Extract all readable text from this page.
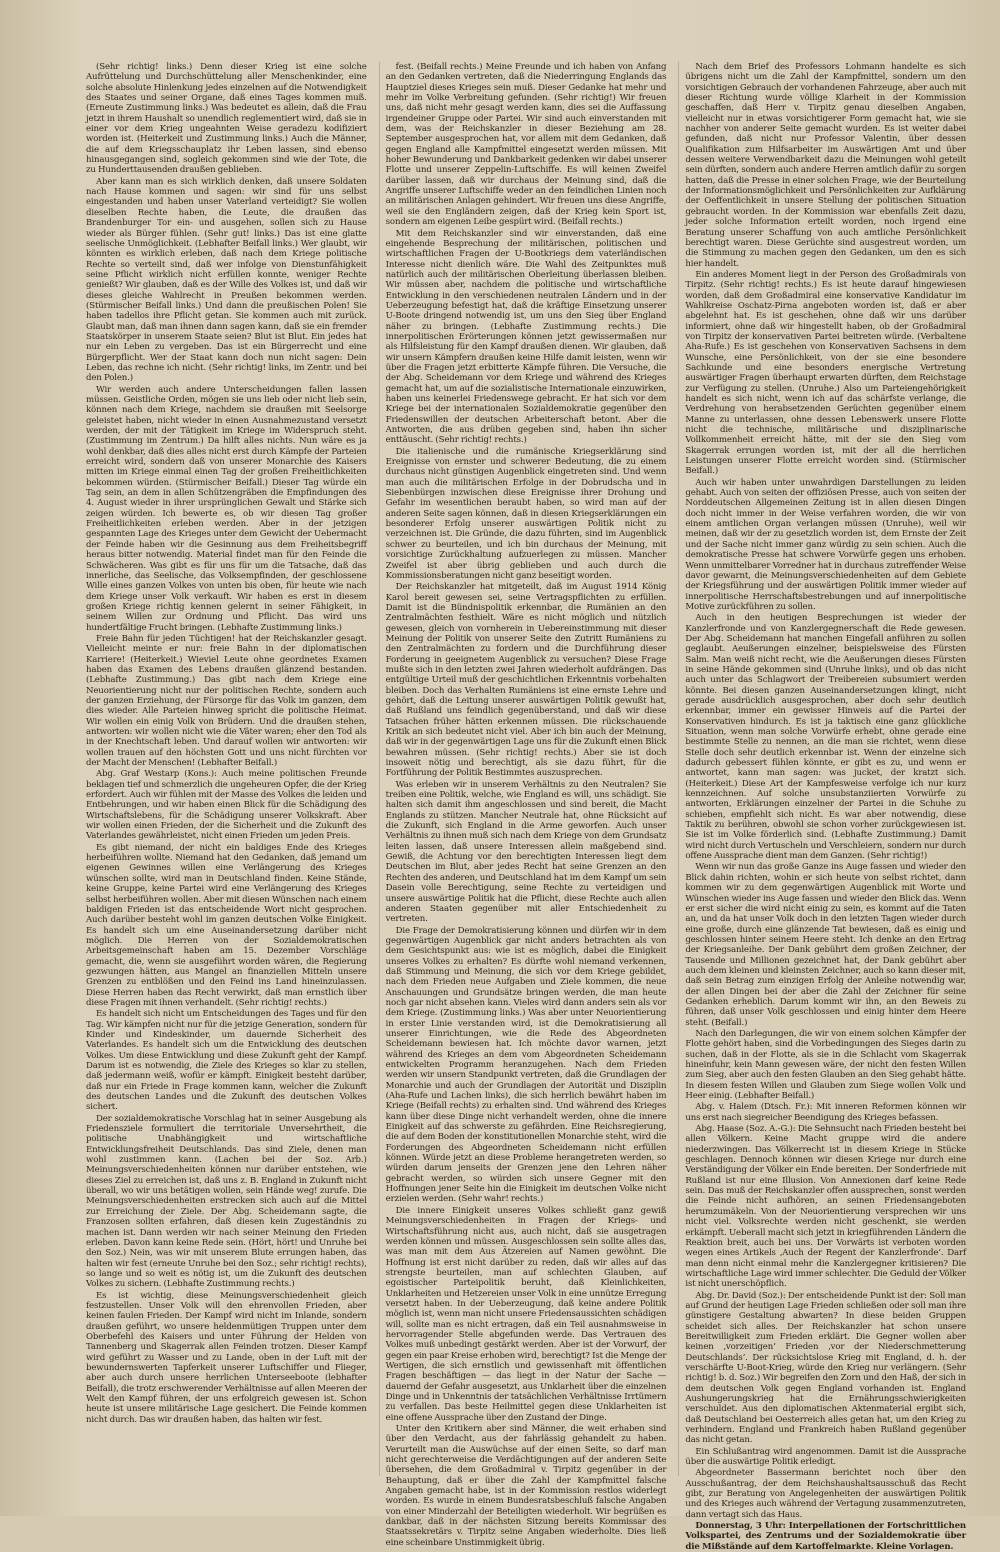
(Sehr richtig! links.) Denn dieser Krieg ist eine solche Aufrüttelung und Durchschüttelung aller Menschenkinder, eine solche absolute Hinlenkung jedes einzelnen auf die Notwendigkeit des Staates und seiner Organe, daß eines Tages kommen muß. (Erneute Zustimmung links.) Was bedeutet es allein, daß die Frau jetzt in ihrem Haushalt so unendlich reglementiert wird, daß sie in einer vor dem Krieg ungeahnten Weise geradezu kodifiziert worden ist. (Heiterkeit und Zustimmung links.) Auch die Männer, die auf dem Kriegsschauplatz ihr Leben lassen, sind ebenso hinausgegangen sind, sogleich gekommen sind wie der Tote, die zu Hunderttausenden draußen geblieben.

Aber kann man es sich wirklich denken, daß unsere Soldaten nach Hause kommen und sagen: wir sind für uns selbst eingestanden und haben unser Vaterland verteidigt? Sie wollen dieselben Rechte haben, die Leute, die draußen das Brandenburger Tor ein- und ausgehen, sollen sich zu Hause wieder als Bürger fühlen. (Sehr gut! links.) Das ist eine glatte seelische Unmöglichkeit. (Lebhafter Beifall links.) Wer glaubt, wir könnten es wirklich erleben, daß nach dem Kriege politische Rechte so verteilt sind, daß wer infolge von Dienstunfähigkeit seine Pflicht wirklich nicht erfüllen konnte, weniger Rechte genießt? Wir glauben, daß es der Wille des Volkes ist, und daß wir dieses gleiche Wahlrecht in Preußen bekommen werden. (Stürmischer Beifall links.) Und dann die preußischen Polen! Sie haben tadellos ihre Pflicht getan. Sie kommen auch mit zurück. Glaubt man, daß man ihnen dann sagen kann, daß sie ein fremder Staatskörper in unserem Staate seien? Blut ist Blut. Ein jedes hat nur ein Leben zu vergeben. Das ist ein Bürgerrecht und eine Bürgerpflicht. Wer der Staat kann doch nun nicht sagen: Dein Leben, das rechne ich nicht. (Sehr richtig! links, im Zentr. und bei den Polen.)

Wir werden auch andere Unterscheidungen fallen lassen müssen. Geistliche Orden, mögen sie uns lieb oder nicht lieb sein, können nach dem Kriege, nachdem sie draußen mit Seelsorge geleistet haben, nicht wieder in einen Ausnahmezustand versetzt werden, der mit der Tätigkeit im Kriege im Widerspruch steht. (Zustimmung im Zentrum.) Da hilft alles nichts. Nun wäre es ja wohl denkbar, daß dies alles nicht erst durch Kämpfe der Parteien erreicht wird, sondern daß von unserer Monarchie des Kaisers mitten im Kriege einmal einen Tag der großen Freiheitlichkeiten bekommen würden. (Stürmischer Beifall.) Dieser Tag würde ein Tag sein, an dem in allen Schützengräben die Empfindungen des 4. August wieder in ihrer ursprünglichen Gewalt und Stärke sich zeigen würden. Ich bewerte es, ob wir diesen Tag großer Freiheitlichkeiten erleben werden. Aber in der jetzigen gespannten Lage des Krieges unter dem Gewicht der Uebermacht der Feinde haben wir die Gesinnung aus dem Freiheitsbegriff heraus bitter notwendig. Material findet man für den Feinde die Schwächeren. Was gibt es für uns für um die Tatsache, daß das innerliche, das Seelische, das Volksempfinden, der geschlossene Wille eines ganzen Volkes von unten bis oben, für heute wie nach dem Kriege unser Volk verkauft. Wir haben es erst in diesem großen Kriege richtig kennen gelernt in seiner Fähigkeit, in seinem Willen zur Ordnung und Pflicht. Das wird uns hundertfältige Frucht bringen. (Lebhafte Zustimmung links.)

Freie Bahn für jeden Tüchtigen! hat der Reichskanzler gesagt. Vielleicht meinte er nur: freie Bahn in der diplomatischen Karriere! (Heiterkeit.) Wieviel Leute ohne geordnetes Examen haben das Examen des Lebens draußen glänzend bestanden. (Lebhafte Zustimmung.) Das gibt nach dem Kriege eine Neuorientierung nicht nur der politischen Rechte, sondern auch der ganzen Erziehung, der Fürsorge für das Volk im ganzen, dem dies wieder. Alle Parteien hinweg spricht die politische Heimat. Wir wollen ein einig Volk von Brüdern. Und die draußen stehen, antworten: wir wollen nicht wie die Väter waren; eher den Tod als in der Knechtschaft leben. Und darauf wollen wir antworten: wir wollen trauen auf den höchsten Gott und uns nicht fürchten vor der Macht der Menschen! (Lebhafter Beifall.)

Abg. Graf Westarp (Kons.): Auch meine politischen Freunde beklagen tief und schmerzlich die ungeheuren Opfer, die der Krieg erfordert. Auch wir fühlen mit der Masse des Volkes die leiden und Entbehrungen, und wir haben einen Blick für die Schädigung des Wirtschaftslebens, für die Schädigung unserer Volkskraft. Aber wir wollen einen Frieden, der die Sicherheit und die Zukunft des Vaterlandes gewährleistet, nicht einen Frieden um jeden Preis.

Es gibt niemand, der nicht ein baldiges Ende des Krieges herbeiführen wollte. Niemand hat den Gedanken, daß jemand um eigenen Gewinnes willen eine Verlängerung des Krieges wünschen sollte, wird man in Deutschland finden. Keine Stände, keine Gruppe, keine Partei wird eine Verlängerung des Krieges selbst herbeiführen wollen. Aber mit diesen Wünschen nach einem baldigen Frieden ist das entscheidende Wort nicht gesprochen. Auch darüber besteht wohl im ganzen deutschen Volke Einigkeit. Es handelt sich um eine Auseinandersetzung darüber nicht möglich. Die Herren von der Sozialdemokratischen Arbeitsgemeinschaft haben am 15. Dezember Vorschläge gemacht, die, wenn sie ausgeführt worden wären, die Regierung gezwungen hätten, aus Mangel an finanziellen Mitteln unsere Grenzen zu entblößen und den Feind ins Land hineinzulassen. Diese Herren haben das Recht verwirkt, daß man ernstlich über diese Fragen mit ihnen verhandelt. (Sehr richtig! rechts.)

Es handelt sich nicht um Entscheidungen des Tages und für den Tag. Wir kämpfen nicht nur für die jetzige Generation, sondern für Kinder und Kindeskinder, um dauernde Sicherheit des Vaterlandes. Es handelt sich um die Entwicklung des deutschen Volkes. Um diese Entwicklung und diese Zukunft geht der Kampf. Darum ist es notwendig, die Ziele des Krieges so klar zu stellen, daß jedermann weiß, wofür er kämpft. Einigkeit besteht darüber, daß nur ein Friede in Frage kommen kann, welcher die Zukunft des deutschen Landes und die Zukunft des deutschen Volkes sichert.

Der sozialdemokratische Vorschlag hat in seiner Ausgebung als Friedensziele formuliert die territoriale Unversehrtheit, die politische Unabhängigkeit und wirtschaftliche Entwicklungsfreiheit Deutschlands. Das sind Ziele, denen man wohl zustimmen kann. (Lachen bei der Soz. Arb.) Meinungsverschiedenheiten können nur darüber entstehen, wie dieses Ziel zu erreichen ist, daß uns z. B. England in Zukunft nicht überall, wo wir uns betätigen wollen, sein Hände weg! zurufe. Die Meinungsverschiedenheiten erstrecken sich auch auf die Mittel zur Erreichung der Ziele. Der Abg. Scheidemann sagte, die Franzosen sollten erfahren, daß diesen kein Zugeständnis zu machen ist. Dann werden wir nach seiner Meinung den Frieden erleben. Davon kann keine Rede sein. (Hört, hört! und Unruhe bei den Soz.) Nein, was wir mit unserem Blute errungen haben, das halten wir fest (erneute Unruhe bei den Soz.; sehr richtig! rechts), so lange und so weit es nötig ist, um die Zukunft des deutschen Volkes zu sichern. (Lebhafte Zustimmung rechts.)

Es ist wichtig, diese Meinungsverschiedenheit gleich festzustellen. Unser Volk will den ehrenvollen Frieden, aber keinen faulen Frieden. Der Kampf wird nicht im Inlande, sondern draußen geführt, wo unsere heldenmütigen Truppen unter dem Oberbefehl des Kaisers und unter Führung der Helden von Tannenberg und Skagerrak allen Feinden trotzen. Dieser Kampf wird geführt zu Wasser und zu Lande, oben in der Luft mit der bewundernswerten Tapferkeit unserer Luftschiffer und Flieger, aber auch durch unsere herrlichen Unterseeboote (lebhafter Beifall), die trotz erschwerender Verhältnisse auf allen Meeren der Welt den Kampf führen, der uns erfolgreich gewesen ist. Schon heute ist unsere militärische Lage gesichert. Die Feinde kommen nicht durch. Das wir draußen haben, das halten wir fest.

fest. (Beifall rechts.) Meine Freunde und ich haben von Anfang an den Gedanken vertreten, daß die Niederringung Englands das Hauptziel dieses Krieges sein muß. Dieser Gedanke hat mehr und mehr im Volke Verbreitung gefunden. (Sehr richtig!) Wir freuen uns, daß nicht mehr gesagt werden kann, dies sei die Auffassung irgendeiner Gruppe oder Partei. Wir sind auch einverstanden mit dem, was der Reichskanzler in dieser Beziehung am 28. September ausgesprochen hat, vor allem mit dem Gedanken, daß gegen England alle Kampfmittel eingesetzt werden müssen. Mit hoher Bewunderung und Dankbarkeit gedenken wir dabei unserer Flotte und unserer Zeppelin-Luftschiffe. Es will keinen Zweifel darüber lassen, daß wir durchaus der Meinung sind, daß die Angriffe unserer Luftschiffe weder an den feindlichen Linien noch an militärischen Anlagen gehindert. Wir freuen uns diese Angriffe, weil sie den Engländern zeigen, daß der Krieg kein Sport ist, sondern am eigenen Leibe gespürt wird. (Beifall rechts.)

Mit dem Reichskanzler sind wir einverstanden, daß eine eingehende Besprechung der militärischen, politischen und wirtschaftlichen Fragen der U-Bootkriegs dem vaterländischen Interesse nicht dienlich wäre. Die Wahl des Zeitpunktes muß natürlich auch der militärischen Oberleitung überlassen bleiben. Wir müssen aber, nachdem die politische und wirtschaftliche Entwicklung in den verschiedenen neutralen Ländern und in der Ueberzeugung befestigt hat, daß die kräftige Einsetzung unserer U-Boote dringend notwendig ist, um uns den Sieg über England näher zu bringen. (Lebhafte Zustimmung rechts.) Die innerpolitischen Erörterungen können jetzt gewissermaßen nur als Hilfsleistung für den Kampf draußen dienen. Wir glauben, daß wir unsern Kämpfern draußen keine Hilfe damit leisten, wenn wir über die Fragen jetzt erbitterte Kämpfe führen. Die Versuche, die der Abg. Scheidemann vor dem Kriege und während des Krieges gemacht hat, um auf die sozialistische Internationale einzuwirken, haben uns keinerlei Friedenswege gebracht. Er hat sich vor dem Kriege bei der internationalen Sozialdemokratie gegenüber den Friedenswillen der deutschen Arbeiterschaft betont. Aber die Antworten, die aus drüben gegeben sind, haben ihn sicher enttäuscht. (Sehr richtig! rechts.)

Die italienische und die rumänische Kriegserklärung sind Ereignisse von ernster und schwerer Bedeutung, die zu einem durchaus nicht günstigen Augenblick eingetreten sind. Und wenn man auch die militärischen Erfolge in der Dobrudscha und in Siebenbürgen inzwischen diese Ereignisse ihrer Drohung und Gefahr im wesentlichen beraubt haben, so wird man auf der anderen Seite sagen können, daß in diesen Kriegserklärungen ein besonderer Erfolg unserer auswärtigen Politik nicht zu verzeichnen ist. Die Gründe, die dazu führten, sind im Augenblick schwer zu beurteilen, und ich bin durchaus der Meinung, mit vorsichtige Zurückhaltung aufzuerlegen zu müssen. Mancher Zweifel ist aber übrig geblieben und auch durch die Kommissionsberatungen nicht ganz beseitigt worden.

Der Reichskanzler hat mitgeteilt, daß im August 1914 König Karol bereit gewesen sei, seine Vertragspflichten zu erfüllen. Damit ist die Bündnispolitik erkennbar, die Rumänien an den Zentralmächten festhielt. Wäre es nicht möglich und nützlich gewesen, gleich von vornherein in Uebereinstimmung mit dieser Meinung der Politik von unserer Seite den Zutritt Rumäniens zu den Zentralmächten zu fordern und die Durchführung dieser Forderung in geeignetem Augenblick zu versuchen? Diese Frage mußte sich in den letzten zwei Jahren wiederholt aufdrängen. Das entgültige Urteil muß der geschichtlichen Erkenntnis vorbehalten bleiben. Doch das Verhalten Rumäniens ist eine ernste Lehre und gehört, daß die Leitung unserer auswärtigen Politik gewußt hat, daß Rußland uns feindlich gegenüberstand, und daß wir diese Tatsachen früher hätten erkennen müssen. Die rückschauende Kritik an sich bedeutet nicht viel. Aber ich bin auch der Meinung, daß wir in der gegenwärtigen Lage uns für die Zukunft einen Blick bewahren müssen. (Sehr richtig! rechts.) Aber sie ist doch insoweit nötig und berechtigt, als sie dazu führt, für die Fortführung der Politik Bestimmtes auszusprechen.

Was erleben wir in unserem Verhältnis zu den Neutralen? Sie treiben eine Politik, welche, wie England es will, uns schädigt. Sie halten sich damit ihm angeschlossen und sind bereit, die Macht Englands zu stützen. Mancher Neutrale hat, ohne Rücksicht auf die Zukunft, sich England in die Arme geworfen. Auch unser Verhältnis zu ihnen muß sich nach dem Kriege von dem Grundsatz leiten lassen, daß unsere Interessen allein maßgebend sind. Gewiß, die Achtung vor den berechtigten Interessen liegt dem Deutschen im Blut, aber jedes Recht hat seine Grenzen an den Rechten des anderen, und Deutschland hat im dem Kampf um sein Dasein volle Berechtigung, seine Rechte zu verteidigen und unsere auswärtige Politik hat die Pflicht, diese Rechte auch allen anderen Staaten gegenüber mit aller Entschiedenheit zu vertreten.

Die Frage der Demokratisierung können und dürfen wir in dem gegenwärtigen Augenblick gar nicht anders betrachten als von dem Gesichtspunkt aus: wie ist es möglich, dabei die Einigkeit unseres Volkes zu erhalten? Es dürfte wohl niemand verkennen, daß Stimmung und Meinung, die sich vor dem Kriege gebildet, nach dem Frieden neue Aufgaben und Ziele kommen, die neue Anschauungen und Grundsätze bringen werden, die man heute noch gar nicht absehen kann. Vieles wird dann anders sein als vor dem Kriege. (Zustimmung links.) Was aber unter Neuorientierung in erster Linie verstanden wird, ist die Demokratisierung all unserer Einrichtungen, wie die Rede des Abgeordneten Scheidemann bewiesen hat. Ich möchte davor warnen, jetzt während des Krieges an dem vom Abgeordneten Scheidemann entwickelten Programm heranzugehen. Nach dem Frieden werden wir unsern Standpunkt vertreten, daß die Grundlagen der Monarchie und auch der Grundlagen der Autorität und Disziplin (Aha-Rufe und Lachen links), die sich herrlich bewährt haben im Kriege (Beifall rechts) zu erhalten sind. Und während des Krieges kann über diese Dinge nicht verhandelt werden, ohne die innere Einigkeit auf das schwerste zu gefährden. Eine Reichsregierung, die auf dem Boden der konstitutionellen Monarchie steht, wird die Forderungen des Abgeordneten Scheidemann nicht erfüllen können. Würde jetzt an diese Probleme herangetreten werden, so würden darum jenseits der Grenzen jene den Lehren näher gebracht werden, so würden sich unsere Gegner mit den Hoffnungen jener Seite hin die Einigkeit im deutschen Volke nicht erzielen werden. (Sehr wahr! rechts.)

Die innere Einigkeit unseres Volkes schließt ganz gewiß Meinungsverschiedenheiten in Fragen der Kriegs- und Wirtschaftsführung nicht aus, auch nicht, daß sie ausgetragen werden können und müssen. Ausgeschlossen sein sollte alles das, was man mit dem Aus Ätzereien auf Namen gewöhnt. Die Hoffnung ist erst nicht darüber zu reden, daß wir alles auf das strengste beurteilen, man auf schlechten Glauben, auf egoistischer Parteipolitik beruht, daß Kleinlichkeiten, Unklarheiten und Hetzereien unser Volk in eine unnütze Erregung versetzt haben. In der Ueberzeugung, daß keine andere Politik möglich ist, wenn man nicht unsere Friedensaussichten schädigen will, sollte man es nicht ertragen, daß ein Teil ausnahmsweise in hervorragender Stelle abgefunden werde. Das Vertrauen des Volkes muß unbedingt gestärkt werden. Aber ist der Vorwurf, der gegen ein paar Kreise erhoben wird, berechtigt? Ist die Menge der Wertigen, die sich ernstlich und gewissenhaft mit öffentlichen Fragen beschäftigen — das liegt in der Natur der Sache — dauernd der Gefahr ausgesetzt, aus Unklarheit über die einzelnen Dinge und in Unkenntnis der tatsächlichen Verhältnisse Irrtümern zu verfallen. Das beste Heilmittel gegen diese Unklarheiten ist eine offene Aussprache über den Zustand der Dinge.

Unter den Kritikern aber sind Männer, die weit erhaben sind über den Verdacht, aus der fahrlässig gehandelt zu haben. Verurteilt man die Auswüchse auf der einen Seite, so darf man nicht gerechterweise die Verdächtigungen auf der anderen Seite übersehen, die dem Großadmiral v. Tirpitz gegenüber in der Behauptung, daß er über die Zahl der Kampfmittel falsche Angaben gemacht habe, ist in der Kommission restlos widerlegt worden. Es wurde in einem Bundesratsbeschluß falsche Angaben von einer Minderzahl der Beteiligten wiederholt. Wir begrüßen es dankbar, daß in der nächsten Sitzung bereits Kommissar des Staatssekretärs v. Tirpitz seine Angaben wiederholte. Dies ließ eine scheinbare Unstimmigkeit übrig.

Nach dem Brief des Professors Lohmann handelte es sich übrigens nicht um die Zahl der Kampfmittel, sondern um den vorsichtigen Gebrauch der vorhandenen Fahrzeuge, aber auch mit dieser Richtung wurde völlige Klarheit in der Kommission geschaffen, daß Herr v. Tirpitz genau dieselben Angaben, vielleicht nur in etwas vorsichtigerer Form gemacht hat, wie sie nachher von anderer Seite gemacht wurden. Es ist weiter dabei gefunden, daß nicht nur Professor Valentin, über dessen Qualifikation zum Hilfsarbeiter im Auswärtigen Amt und über dessen weitere Verwendbarkeit dazu die Meinungen wohl geteilt sein dürften, sondern auch andere Herren amtlich dafür zu sorgen hatten, daß die Presse in einer solchen Frage, wie der Beurteilung der Informationsmöglichkeit und Persönlichkeiten zur Aufklärung der Oeffentlichkeit in unsere Stellung der politischen Situation gebraucht worden. In der Kommission war ebenfalls Zeit dazu, jeder solche Information erteilt worden, noch irgend eine Beratung unserer Schaffung von auch amtliche Persönlichkeit berechtigt waren. Diese Gerüchte sind ausgestreut worden, um die Stimmung zu machen gegen den Gedanken, um den es sich hier handelt.

Ein anderes Moment liegt in der Person des Großadmirals von Tirpitz. (Sehr richtig! rechts.) Es ist heute darauf hingewiesen worden, daß dem Großadmiral eine konservative Kandidatur im Wahlkreise Oschatz-Pirna angeboten worden ist, daß er aber abgelehnt hat. Es ist geschehen, ohne daß wir uns darüber informiert, ohne daß wir hingestellt haben, ob der Großadmiral von Tirpitz der konservativen Partei beitreten würde. (Verbaltene Aha-Rufe.) Es ist geschehen von Konservativen Sachsens in dem Wunsche, eine Persönlichkeit, von der sie eine besondere Sachkunde und eine besonders energische Vertretung auswärtiger Fragen überhaupt erwarten dürften, dem Reichstage zur Verfügung zu stellen. (Unruhe.) Also um Parteiengehörigkeit handelt es sich nicht, wenn ich auf das schärfste verlange, die Verdrehung von herabsetzenden Gerüchten gegenüber einem Manne zu unterlassen, ohne dessen Lebenswerk unsere Flotte nicht die technische, militärische und disziplinarische Vollkommenheit erreicht hätte, mit der sie den Sieg vom Skagerrak errungen worden ist, mit der all die herrlichen Leistungen unserer Flotte erreicht worden sind. (Stürmischer Beifall.)

Auch wir haben unter unwahrdigen Darstellungen zu leiden gehabt. Auch von seiten der offiziösen Presse, auch von seiten der Norddeutschen Allgemeinen Zeitung ist in allen diesen Dingen doch nicht immer in der Weise verfahren worden, die wir von einem amtlichen Organ verlangen müssen (Unruhe), weil wir meinen, daß wir der zu gesetzlich worden ist, dem Ernste der Zeit und der Sache nicht immer ganz würdig zu sein schien. Auch die demokratische Presse hat schwere Vorwürfe gegen uns erhoben. Wenn unmittelbarer Vorredner hat in durchaus zutreffender Weise davor gewarnt, die Meinungsverschiedenheiten auf dem Gebiete der Kriegsführung und der auswärtigen Politik immer wieder auf innerpolitische Herrschaftsbestrebungen und auf innerpolitische Motive zurückführen zu sollen.

Auch in den heutigen Besprechungen ist wieder der Kanzlerfronde und von Kanzlergegnerschaft die Rede gewesen. Der Abg. Scheidemann hat manchen Eingefall anführen zu sollen geglaubt. Aeußerungen einzelner, beispielsweise des Fürsten Salm. Man weiß nicht recht, wie die Aeußerungen dieses Fürsten in seine Hände gekommen sind (Unruhe links), und ob das nicht auch unter das Schlagwort der Treibereien subsumiert werden könnte. Bei diesen ganzen Auseinandersetzungen klingt, nicht gerade ausdrücklich ausgesprochen, aber doch sehr deutlich erkennbar, immer ein gewisser Hinweis auf die Partei der Konservativen hindurch. Es ist ja taktisch eine ganz glückliche Situation, wenn man solche Vorwürfe erhebt, ohne gerade eine bestimmte Stelle zu nennen, an die man sie richtet, wenn diese Stelle doch sehr deutlich erkennbar ist. Wenn der einzelne sich dadurch gebessert fühlen könnte, er gibt es zu, und wenn er antwortet, kann man sagen: was jucket, der kratzt sich. (Heiterkeit.) Diese Art der Kampfesweise verfolge ich nur kurz kennzeichnen. Auf solche unsubstanziierten Vorwürfe zu antworten, Erklärungen einzelner der Partei in die Schuhe zu schieben, empfiehlt sich nicht. Es war aber notwendig, diese Taktik zu berühren, obwohl sie schon vorher zurückgewiesen ist. Sie ist im Volke förderlich sind. (Lebhafte Zustimmung.) Damit wird nicht durch Vertuscheln und Verschleiern, sondern nur durch offene Aussprache dient man dem Ganzen. (Sehr richtig!)

Wenn wir nun das große Ganze ins Auge fassen und wieder den Blick dahin richten, wohin er sich heute von selbst richtet, dann kommen wir zu dem gegenwärtigen Augenblick mit Worte und Wünschen wieder ins Auge fassen und wieder den Blick das. Wenn er erst sicher die wird nicht einig zu sein, es kommt auf die Taten an, und da hat unser Volk doch in den letzten Tagen wieder durch eine große, durch eine glänzende Tat bewiesen, daß es einig und geschlossen hinter seinem Heere steht. Ich denke an den Ertrag der Kriegsanleihe. Der Dank gebührt dem großen Zeichner, der Tausende und Millionen gezeichnet hat, der Dank gebührt aber auch dem kleinen und kleinsten Zeichner, auch so kann dieser mit, daß sein Betrag zum einzigen Erfolg der Anleihe notwendig war, der allen Dingen bei der aber die Zahl der Zeichner für seine Gedanken erheblich. Darum kommt wir ihn, an den Beweis zu führen, daß unser Volk geschlossen und einig hinter dem Heere steht. (Beifall.)

Nach den Darlegungen, die wir von einem solchen Kämpfer der Flotte gehört haben, sind die Vorbedingungen des Sieges darin zu suchen, daß in der Flotte, als sie in die Schlacht vom Skagerrak hineinfuhr, kein Mann gewesen wäre, der nicht den festen Willen zum Sieg, aber auch den festen Glauben an den Sieg gehabt hätte. In diesem festen Willen und Glauben zum Siege wollen Volk und Heer einig. (Lebhafter Beifall.)

Abg. v. Halem (Dtsch. Fr.): Mit inneren Reformen können wir uns erst nach siegreicher Beendigung des Krieges befassen.

Abg. Haase (Soz. A.-G.): Die Sehnsucht nach Frieden besteht bei allen Völkern. Keine Macht gruppe wird die andere niederzwingen. Das Völkerrecht ist in diesem Kriege in Stücke geschlagen. Dennoch können wir diesen Kriege nur durch eine Verständigung der Völker ein Ende bereiten. Der Sonderfriede mit Rußland ist nur eine Illusion. Von Annexionen darf keine Rede sein. Das muß der Reichskanzler offen aussprechen, sonst werden die Feinde nicht aufhören, an seinen Friedensangeboten herumzumäkeln. Von der Neuorientierung versprechen wir uns nicht viel. Volksrechte werden nicht geschenkt, sie werden erkämpft. Ueberall macht sich jetzt in kriegführenden Ländern die Reaktion breit, auch bei uns. Der Vorwärts ist verboten worden wegen eines Artikels ‚Auch der Regent der Kanzlerfronde‘. Darf man denn nicht einmal mehr die Kanzlergegner kritisieren? Die wirtschaftliche Lage wird immer schlechter. Die Geduld der Völker ist nicht unerschöpflich.

Abg. Dr. David (Soz.): Der entscheidende Punkt ist der: Soll man auf Grund der heutigen Lage Frieden schließen oder soll man ihre günstigere Gestaltung abwarten? In diese beiden Gruppen scheidet sich alles. Der Reichskanzler hat schon unsere Bereitwilligkeit zum Frieden erklärt. Die Gegner wollen aber keinen ‚vorzeitigen‘ Frieden ‚vor der Niederschmetterung Deutschlands‘. Der rücksichtslose Krieg mit England, d. h. der verschärfte U-Boot-Krieg, würde den Krieg nur verlängern. (Sehr richtig! b. d. Soz.) Wir begreifen den Zorn und den Haß, der sich in dem deutschen Volk gegen England vorhanden ist. England Aushungerungskrieg hat die Ernährungsschwierigkeiten verschuldet. Aus den diplomatischen Aktenmaterial ergibt sich, daß Deutschland bei Oesterreich alles getan hat, um den Krieg zu verhindern. England und Frankreich haben Rußland gegenüber das nicht getan.

Ein Schlußantrag wird angenommen. Damit ist die Aussprache über die auswärtige Politik erledigt.

Abgeordneter Bassermann berichtet noch über den Ausschußantrag, der dem Reichshaushaltsausschuß das Recht gibt, zur Beratung von Angelegenheiten der auswärtigen Politik und des Krieges auch während der Vertagung zusammenzutreten, dann vertagt sich das Haus.

Donnerstag, 3 Uhr: Interpellationen der Fortschrittlichen Volkspartei, des Zentrums und der Sozialdemokratie über die Mißstände auf dem Kartoffelmarkte. Kleine Vorlagen.
